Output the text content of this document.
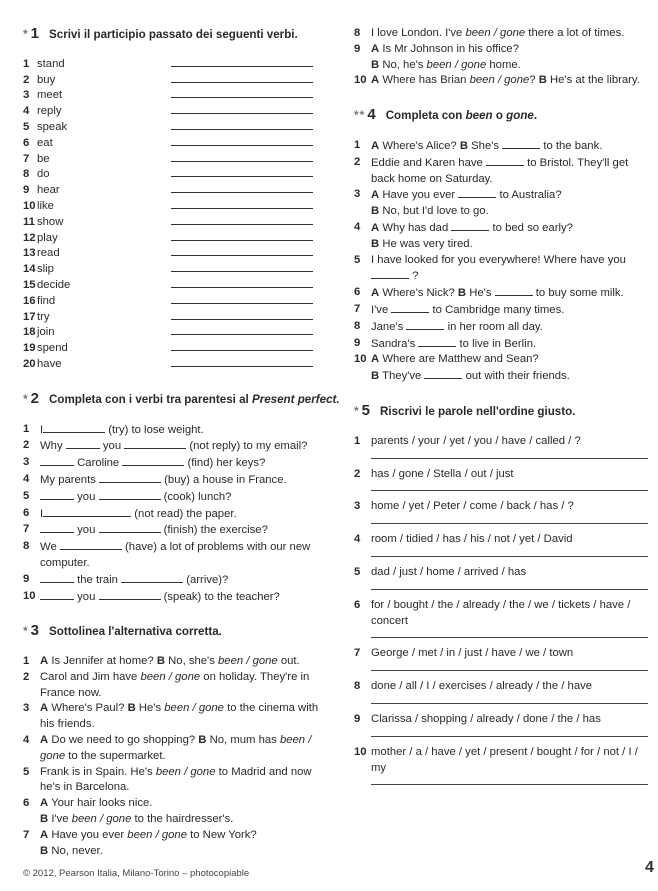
* 1 Scrivi il participio passato dei seguenti verbi.
1 stand
2 buy
3 meet
4 reply
5 speak
6 eat
7 be
8 do
9 hear
10 like
11 show
12 play
13 read
14 slip
15 decide
16 find
17 try
18 join
19 spend
20 have
* 2 Completa con i verbi tra parentesi al Present perfect.
1 I	(try) to lose weight.
2 Why	you	(not reply) to my email?
3	Caroline	(find) her keys?
4 My parents	(buy) a house in France.
5	you	(cook) lunch?
6 I	(not read) the paper.
7	you	(finish) the exercise?
8 We	(have) a lot of problems with our new computer.
9	the train	(arrive)?
10	you	(speak) to the teacher?
* 3 Sottolinea l'alternativa corretta.
1 A Is Jennifer at home? B No, she's been / gone out.
2 Carol and Jim have been / gone on holiday. They're in France now.
3 A Where's Paul? B He's been / gone to the cinema with his friends.
4 A Do we need to go shopping? B No, mum has been / gone to the supermarket.
5 Frank is in Spain. He's been / gone to Madrid and now he's in Barcelona.
6 A Your hair looks nice.
B I've been / gone to the hairdresser's.
7 A Have you ever been / gone to New York?
B No, never.
8 I love London. I've been / gone there a lot of times.
9 A Is Mr Johnson in his office?
B No, he's been / gone home.
10 A Where has Brian been / gone? B He's at the library.
** 4 Completa con been o gone.
1 A Where's Alice? B She's	to the bank.
2 Eddie and Karen have	to Bristol. They'll get back home on Saturday.
3 A Have you ever	to Australia?
B No, but I'd love to go.
4 A Why has dad	to bed so early?
B He was very tired.
5 I have looked for you everywhere! Where have you
?
6 A Where's Nick? B He's	to buy some milk.
7 I've	to Cambridge many times.
8 Jane's	in her room all day.
9 Sandra's	to live in Berlin.
10 A Where are Matthew and Sean?
B They've	out with their friends.
* 5 Riscrivi le parole nell'ordine giusto.
1 parents / your / yet / you / have / called / ?
2 has / gone / Stella / out / just
3 home / yet / Peter / come / back / has / ?
4 room / tidied / has / his / not / yet / David
5 dad / just / home / arrived / has
6 for / bought / the / already / the / we / tickets / have / concert
7 George / met / in / just / have / we / town
8 done / all / I / exercises / already / the / have
9 Clarissa / shopping / already / done / the / has
10 mother / a / have / yet / present / bought / for / not / I / my
© 2012, Pearson Italia, Milano-Torino – photocopiable	4
